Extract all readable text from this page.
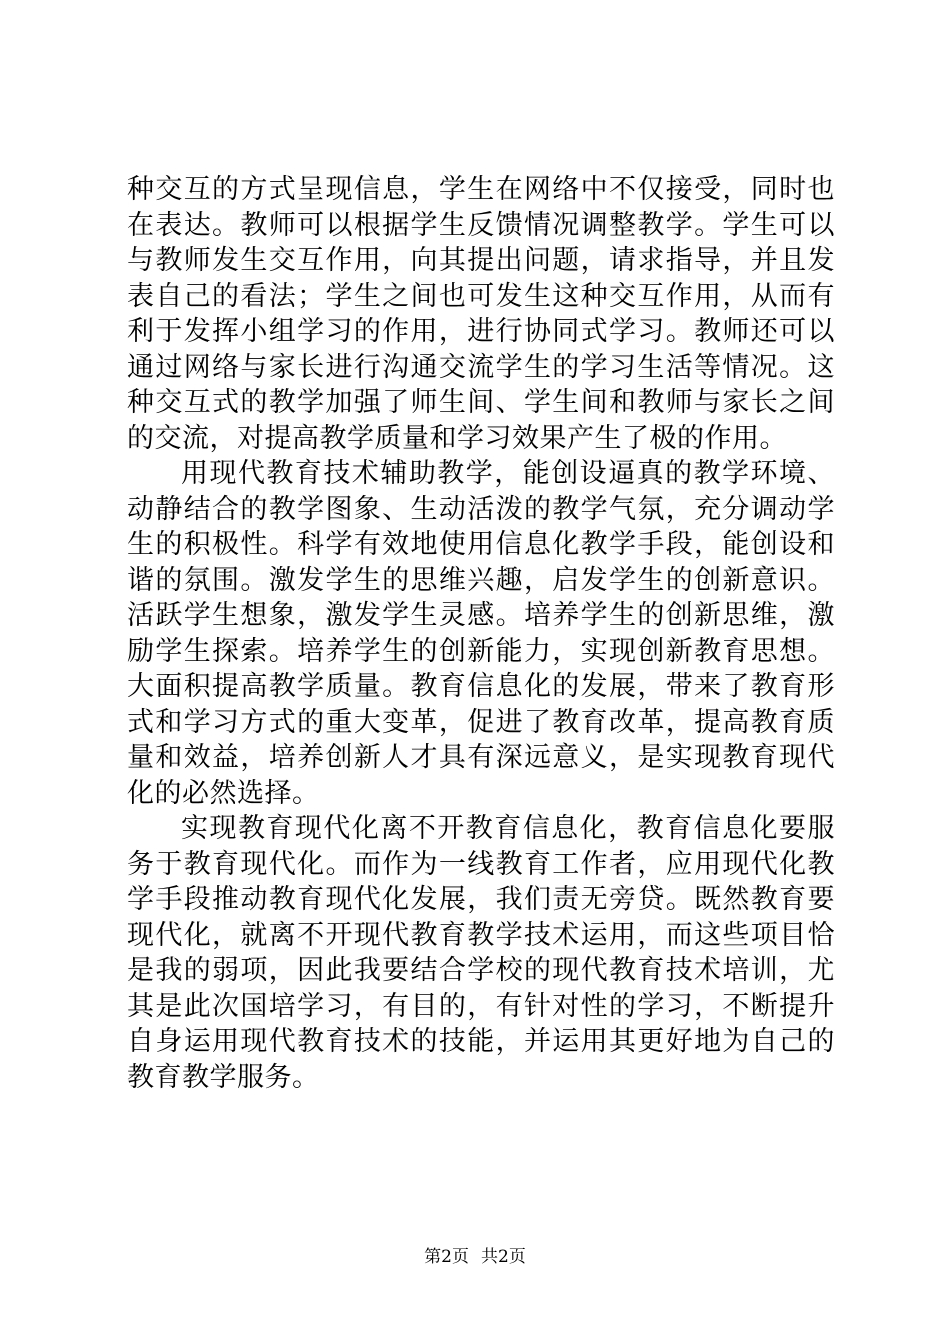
种交互的方式呈现信息，学生在网络中不仅接受，同时也在表达。教师可以根据学生反馈情况调整教学。学生可以与教师发生交互作用，向其提出问题，请求指导，并且发表自己的看法；学生之间也可发生这种交互作用，从而有利于发挥小组学习的作用，进行协同式学习。教师还可以通过网络与家长进行沟通交流学生的学习生活等情况。这种交互式的教学加强了师生间、学生间和教师与家长之间的交流，对提高教学质量和学习效果产生了极的作用。

用现代教育技术辅助教学，能创设逼真的教学环境、动静结合的教学图象、生动活泼的教学气氛，充分调动学生的积极性。科学有效地使用信息化教学手段，能创设和谐的氛围。激发学生的思维兴趣，启发学生的创新意识。活跃学生想象，激发学生灵感。培养学生的创新思维，激励学生探索。培养学生的创新能力，实现创新教育思想。大面积提高教学质量。教育信息化的发展，带来了教育形式和学习方式的重大变革，促进了教育改革，提高教育质量和效益，培养创新人才具有深远意义，是实现教育现代化的必然选择。

实现教育现代化离不开教育信息化，教育信息化要服务于教育现代化。而作为一线教育工作者，应用现代化教学手段推动教育现代化发展，我们责无旁贷。既然教育要现代化，就离不开现代教育教学技术运用，而这些项目恰是我的弱项，因此我要结合学校的现代教育技术培训，尤其是此次国培学习，有目的，有针对性的学习，不断提升自身运用现代教育技术的技能，并运用其更好地为自己的教育教学服务。

第2页 共2页
